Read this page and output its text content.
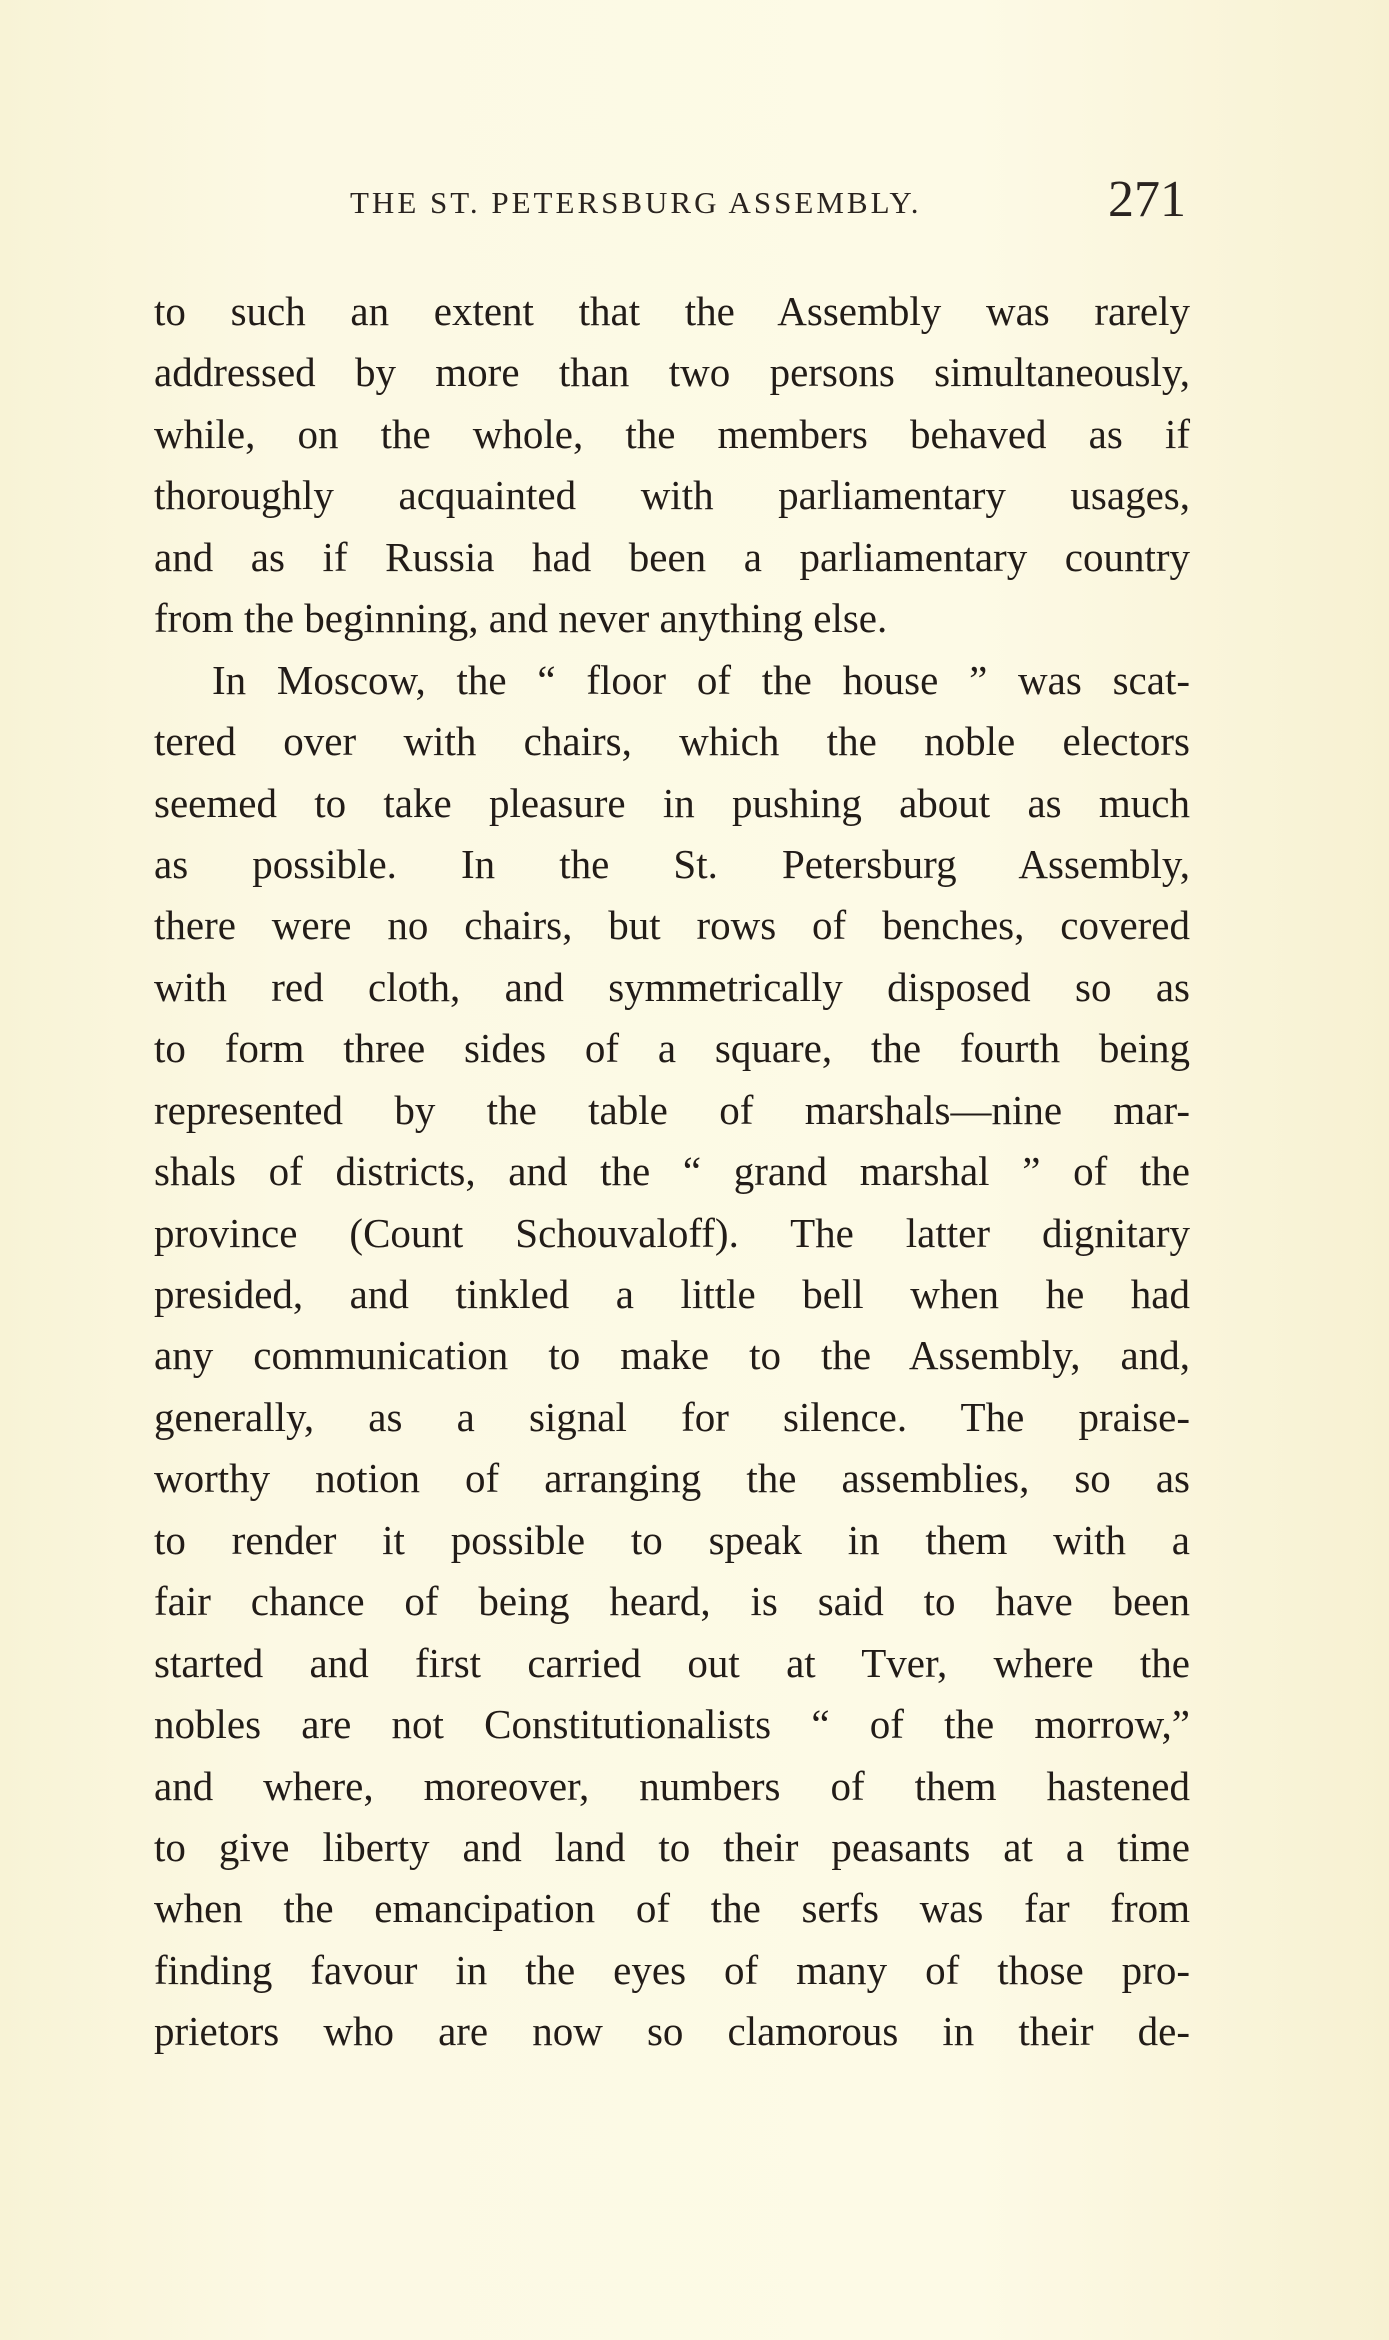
THE ST. PETERSBURG ASSEMBLY.	271
to such an extent that the Assembly was rarely
addressed by more than two persons simultaneously,
while, on the whole, the members behaved as if
thoroughly acquainted with parliamentary usages,
and as if Russia had been a parliamentary country
from the beginning, and never anything else.
In Moscow, the “ floor of the house ” was scat-
tered over with chairs, which the noble electors
seemed to take pleasure in pushing about as much
as possible. In the St. Petersburg Assembly,
there were no chairs, but rows of benches, covered
with red cloth, and symmetrically disposed so as
to form three sides of a square, the fourth being
represented by the table of marshals—nine mar-
shals of districts, and the “ grand marshal ” of the
province (Count Schouvaloff). The latter dignitary
presided, and tinkled a little bell when he had
any communication to make to the Assembly, and,
generally, as a signal for silence. The praise-
worthy notion of arranging the assemblies, so as
to render it possible to speak in them with a
fair chance of being heard, is said to have been
started and first carried out at Tver, where the
nobles are not Constitutionalists “ of the morrow,”
and where, moreover, numbers of them hastened
to give liberty and land to their peasants at a time
when the emancipation of the serfs was far from
finding favour in the eyes of many of those pro-
prietors who are now so clamorous in their de-
